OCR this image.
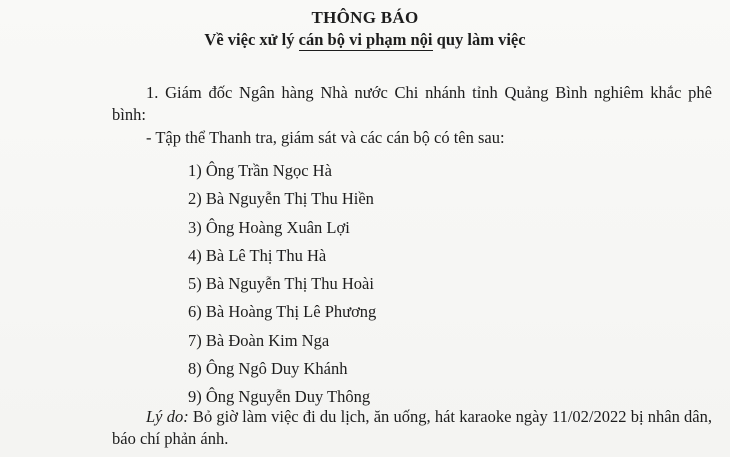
THÔNG BÁO
Về việc xử lý cán bộ vi phạm nội quy làm việc
1. Giám đốc Ngân hàng Nhà nước Chi nhánh tỉnh Quảng Bình nghiêm khắc phê bình:
- Tập thể Thanh tra, giám sát và các cán bộ có tên sau:
1) Ông Trần Ngọc Hà
2) Bà Nguyễn Thị Thu Hiền
3) Ông Hoàng Xuân Lợi
4) Bà Lê Thị Thu Hà
5) Bà Nguyễn Thị Thu Hoài
6) Bà Hoàng Thị Lê Phương
7) Bà Đoàn Kim Nga
8) Ông Ngô Duy Khánh
9) Ông Nguyễn Duy Thông
Lý do: Bỏ giờ làm việc đi du lịch, ăn uống, hát karaoke ngày 11/02/2022 bị nhân dân, báo chí phản ánh.
